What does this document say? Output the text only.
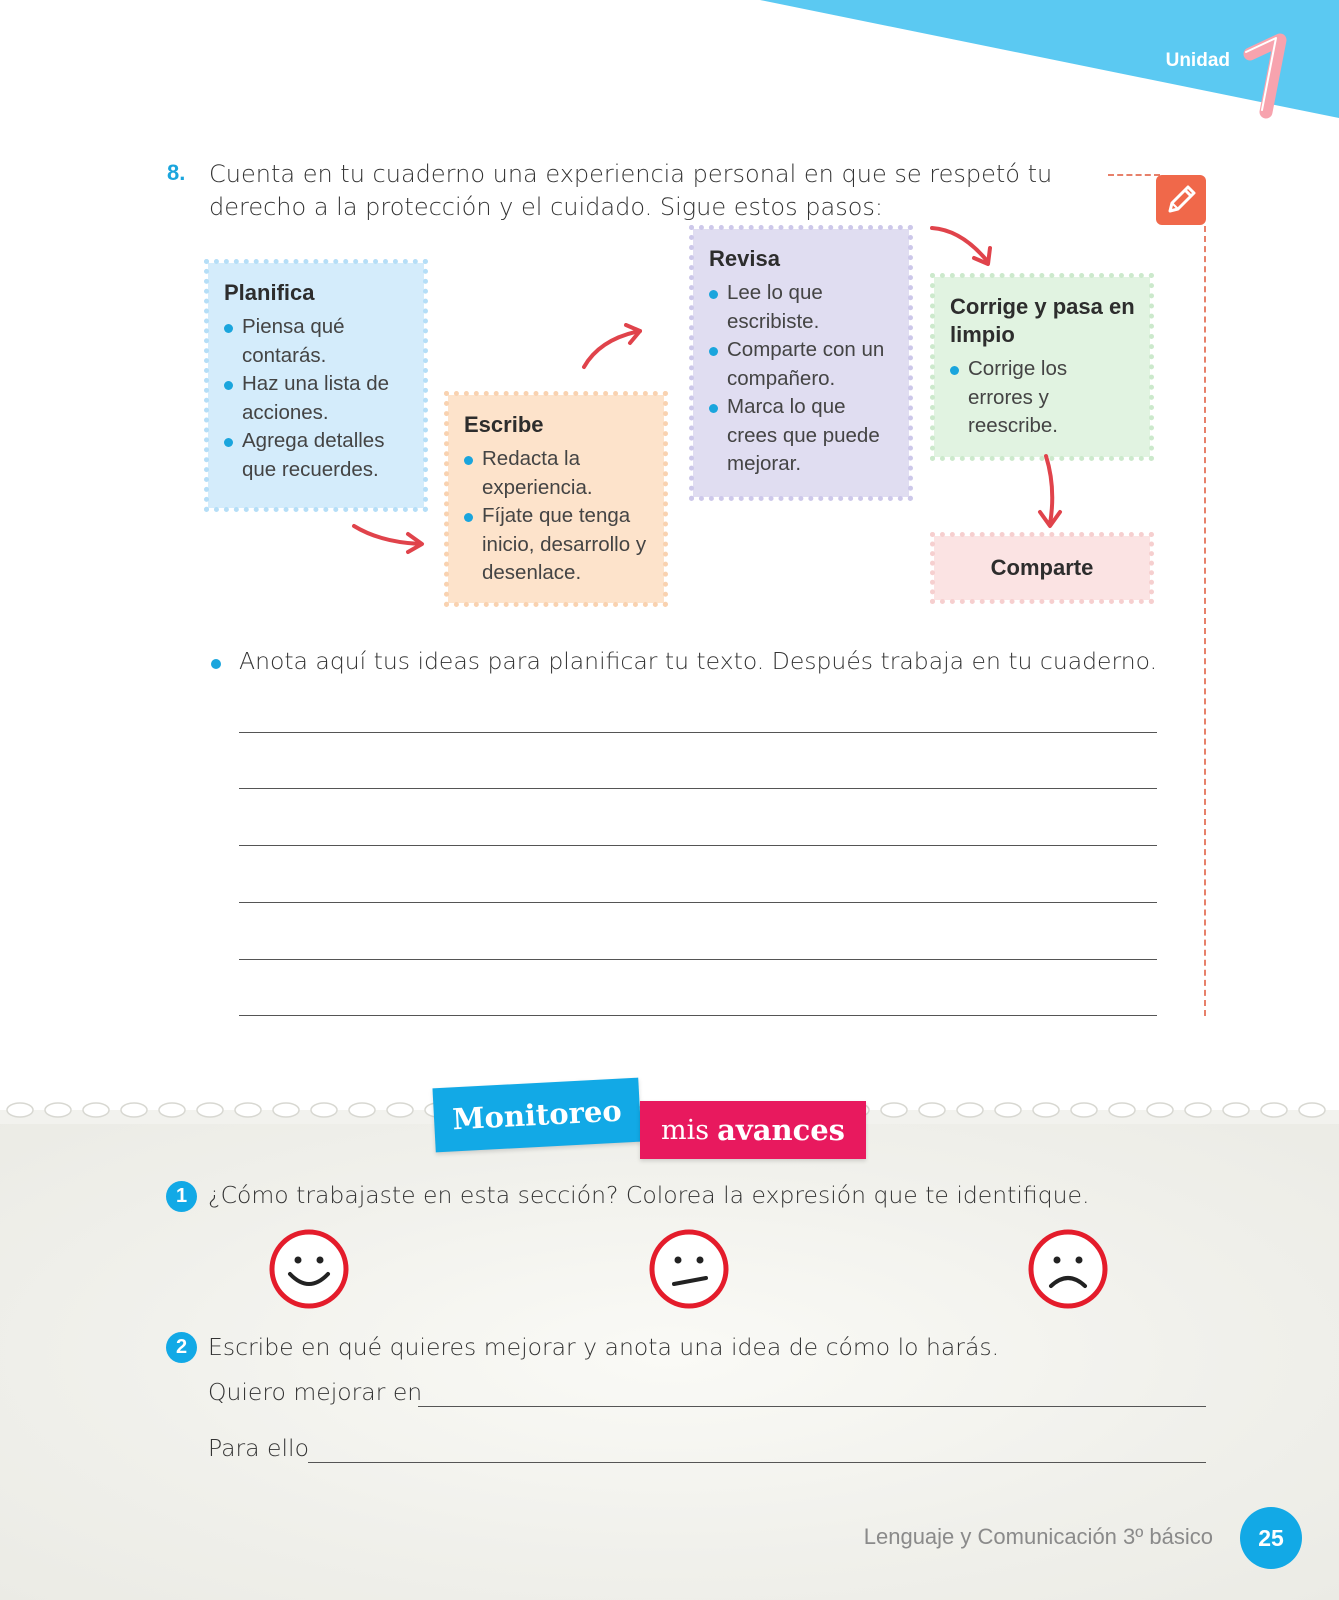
Unidad
8. Cuenta en tu cuaderno una experiencia personal en que se respetó tu derecho a la protección y el cuidado. Sigue estos pasos:
Planifica
Piensa qué contarás.
Haz una lista de acciones.
Agrega detalles que recuerdes.
Escribe
Redacta la experiencia.
Fíjate que tenga inicio, desarrollo y desenlace.
Revisa
Lee lo que escribiste.
Comparte con un compañero.
Marca lo que crees que puede mejorar.
Corrige y pasa en limpio
Corrige los errores y reescribe.
Comparte
Anota aquí tus ideas para planificar tu texto. Después trabaja en tu cuaderno.
Monitoreo mis avances
1 ¿Cómo trabajaste en esta sección? Colorea la expresión que te identifique.
2 Escribe en qué quieres mejorar y anota una idea de cómo lo harás.
Quiero mejorar en
Para ello
Lenguaje y Comunicación 3º básico	25
